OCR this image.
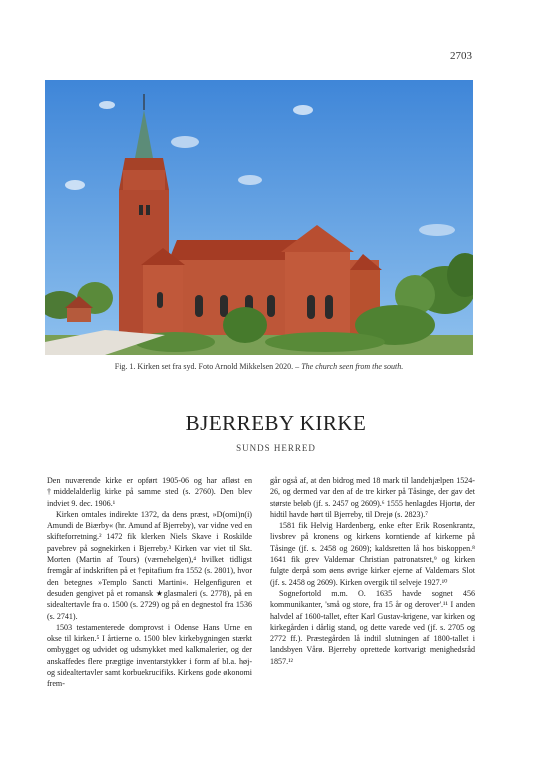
2703
Fig. 1. Kirken set fra syd. Foto Arnold Mikkelsen 2020. – The church seen from the south.
BJERREBY KIRKE
SUNDS HERRED

Den nuværende kirke er opført 1905-06 og har afløst en †middelalderlig kirke på samme sted (s. 2760). Den blev indviet 9. dec. 1906.¹

Kirken omtales indirekte 1372, da dens præst, »D(omi)n(i) Amundi de Biærby« (hr. Amund af Bjerreby), var vidne ved en skifteforretning.² 1472 fik klerken Niels Skave i Roskilde pavebrev på sognekirken i Bjerreby.³ Kirken var viet til Skt. Morten (Martin af Tours) (værnehelgen),⁴ hvilket tidligst fremgår af indskriften på et †epitafium fra 1552 (s. 2801), hvor den betegnes »Templo Sancti Martini«. Helgenfiguren et desuden gengivet på et romansk ★glasmaleri (s. 2778), på en sidealtertavle fra o. 1500 (s. 2729) og på en degnestol fra 1536 (s. 2741).

1503 testamenterede domprovst i Odense Hans Urne en okse til kirken.⁵ I årtierne o. 1500 blev kirkebygningen stærkt ombygget og udvidet og udsmykket med kalkmalerier, og der anskaffedes flere prægtige inventarstykker i form af bl.a. høj- og sidealtertavler samt korbuekrucifiks. Kirkens gode økonomi frem-

går også af, at den bidrog med 18 mark til landehjælpen 1524-26, og dermed var den af de tre kirker på Tåsinge, der gav det største beløb (jf. s. 2457 og 2609).⁶ 1555 henlagdes Hjortø, der hidtil havde hørt til Bjerreby, til Drejø (s. 2823).⁷

1581 fik Helvig Hardenberg, enke efter Erik Rosenkrantz, livsbrev på kronens og kirkens korntiende af kirkerne på Tåsinge (jf. s. 2458 og 2609); kaldsretten lå hos biskoppen.⁸ 1641 fik grev Valdemar Christian patronatsret,⁹ og kirken fulgte derpå som øens øvrige kirker ejerne af Valdemars Slot (jf. s. 2458 og 2609). Kirken overgik til selveje 1927.¹⁰

Sognefortold m.m. O. 1635 havde sognet 456 kommunikanter, 'små og store, fra 15 år og derover'.¹¹ I anden halvdel af 1600-tallet, efter Karl Gustav-krigene, var kirken og kirkegården i dårlig stand, og dette varede ved (jf. s. 2705 og 2772 ff.). Præstegården lå indtil slutningen af 1800-tallet i landsbyen Vårø. Bjerreby oprettede kortvarigt menighedsråd 1857.¹²
